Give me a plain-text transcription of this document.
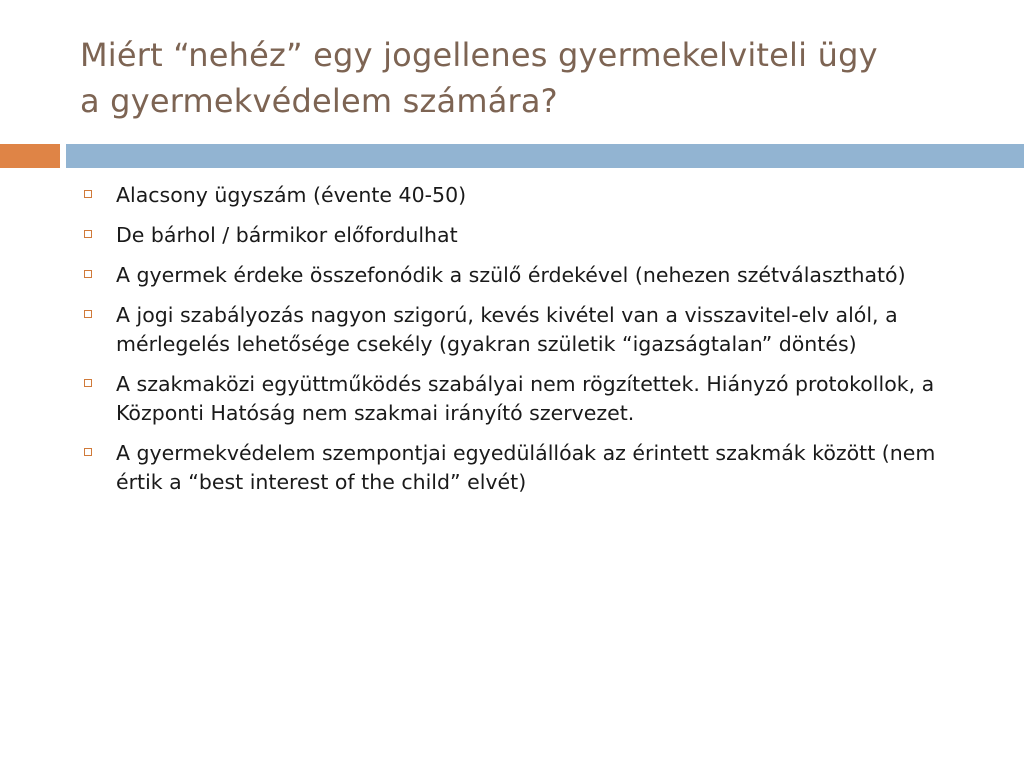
Miért “nehéz” egy jogellenes gyermekelviteli ügy
a gyermekvédelem számára?
Alacsony ügyszám (évente 40-50)
De bárhol / bármikor előfordulhat
A gyermek érdeke összefonódik a szülő érdekével (nehezen szétválasztható)
A jogi szabályozás nagyon szigorú, kevés kivétel van a visszavitel-elv alól, a mérlegelés lehetősége csekély (gyakran születik “igazságtalan” döntés)
A szakmaközi együttműködés szabályai nem rögzítettek. Hiányzó protokollok, a Központi Hatóság nem szakmai irányító szervezet.
A gyermekvédelem szempontjai egyedülállóak az érintett szakmák között (nem értik a “best interest of the child” elvét)
